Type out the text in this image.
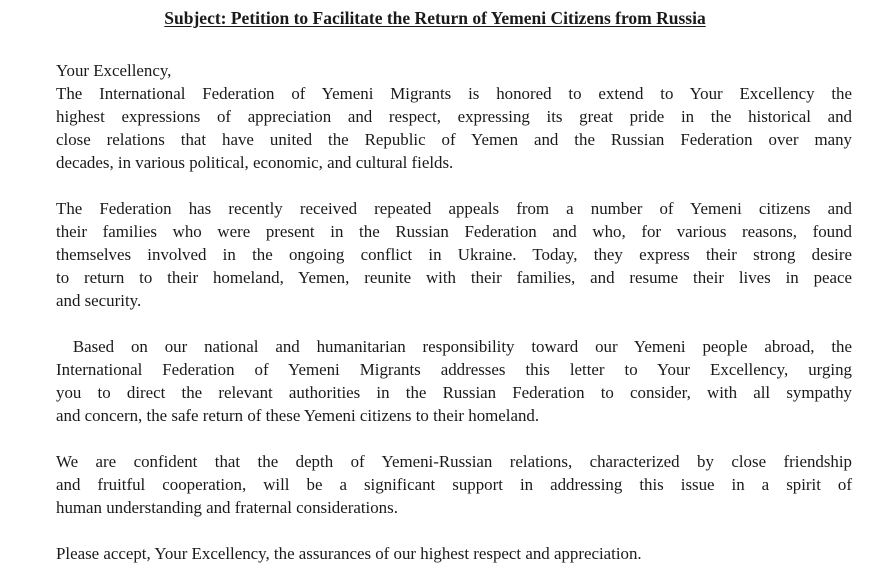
Subject: Petition to Facilitate the Return of Yemeni Citizens from Russia

Your Excellency,

The International Federation of Yemeni Migrants is honored to extend to Your Excellency the
highest expressions of appreciation and respect, expressing its great pride in the historical and
close relations that have united the Republic of Yemen and the Russian Federation over many
decades, in various political, economic, and cultural fields.

The Federation has recently received repeated appeals from a number of Yemeni citizens and
their families who were present in the Russian Federation and who, for various reasons, found
themselves involved in the ongoing conflict in Ukraine. Today, they express their strong desire
to return to their homeland, Yemen, reunite with their families, and resume their lives in peace
and security.

Based on our national and humanitarian responsibility toward our Yemeni people abroad, the
International Federation of Yemeni Migrants addresses this letter to Your Excellency, urging
you to direct the relevant authorities in the Russian Federation to consider, with all sympathy
and concern, the safe return of these Yemeni citizens to their homeland.

We are confident that the depth of Yemeni-Russian relations, characterized by close friendship
and fruitful cooperation, will be a significant support in addressing this issue in a spirit of
human understanding and fraternal considerations.

Please accept, Your Excellency, the assurances of our highest respect and appreciation.
